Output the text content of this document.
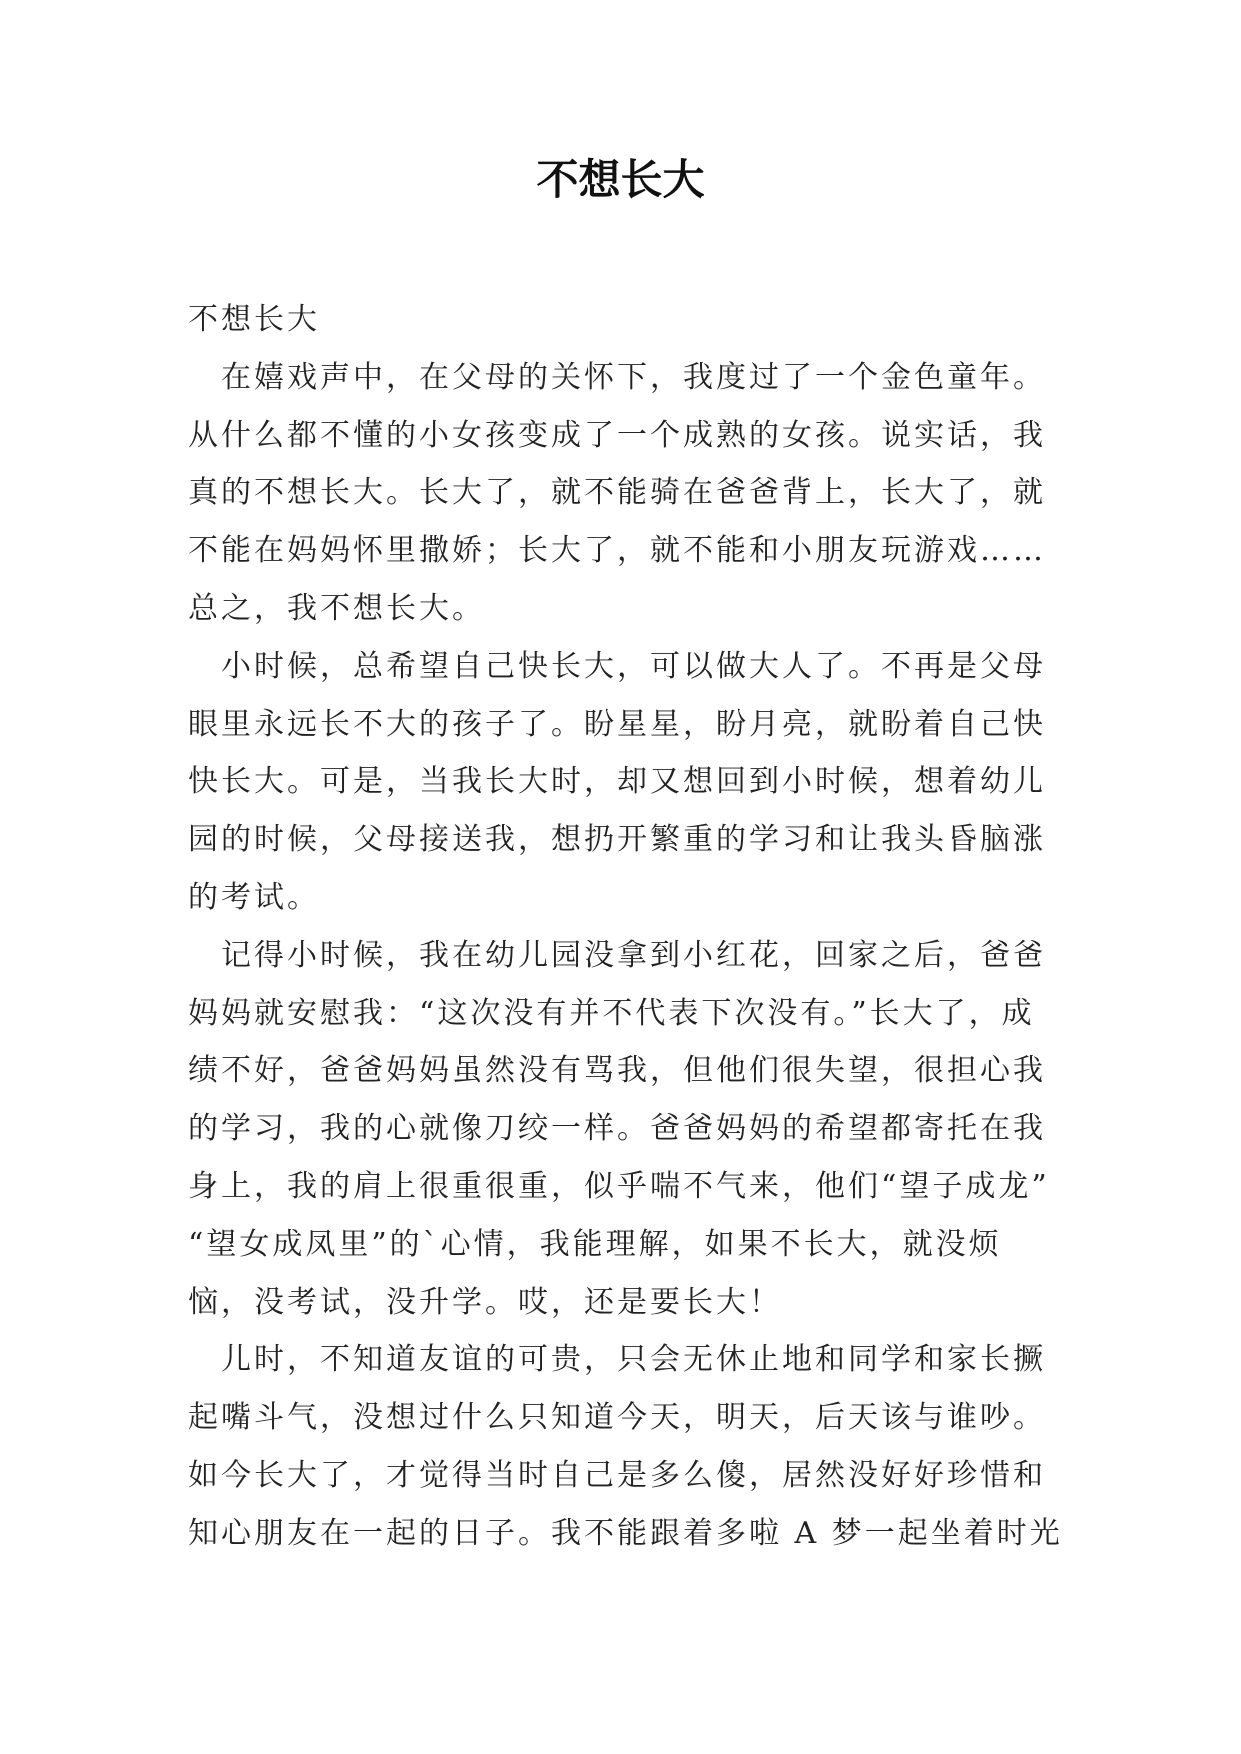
不想长大

不想长大

　在嬉戏声中，在父母的关怀下，我度过了一个金色童年。

从什么都不懂的小女孩变成了一个成熟的女孩。说实话，我

真的不想长大。长大了，就不能骑在爸爸背上，长大了，就

不能在妈妈怀里撒娇；长大了，就不能和小朋友玩游戏……

总之，我不想长大。

　小时候，总希望自己快长大，可以做大人了。不再是父母

眼里永远长不大的孩子了。盼星星，盼月亮，就盼着自己快

快长大。可是，当我长大时，却又想回到小时候，想着幼儿

园的时候，父母接送我，想扔开繁重的学习和让我头昏脑涨

的考试。

　记得小时候，我在幼儿园没拿到小红花，回家之后，爸爸

妈妈就安慰我：“这次没有并不代表下次没有。”长大了，成

绩不好，爸爸妈妈虽然没有骂我，但他们很失望，很担心我

的学习，我的心就像刀绞一样。爸爸妈妈的希望都寄托在我

身上，我的肩上很重很重，似乎喘不气来，他们“望子成龙”

“望女成凤里”的`心情，我能理解，如果不长大，就没烦

恼，没考试，没升学。哎，还是要长大！

　儿时，不知道友谊的可贵，只会无休止地和同学和家长撅

起嘴斗气，没想过什么只知道今天，明天，后天该与谁吵。

如今长大了，才觉得当时自己是多么傻，居然没好好珍惜和

知心朋友在一起的日子。我不能跟着多啦 A 梦一起坐着时光
